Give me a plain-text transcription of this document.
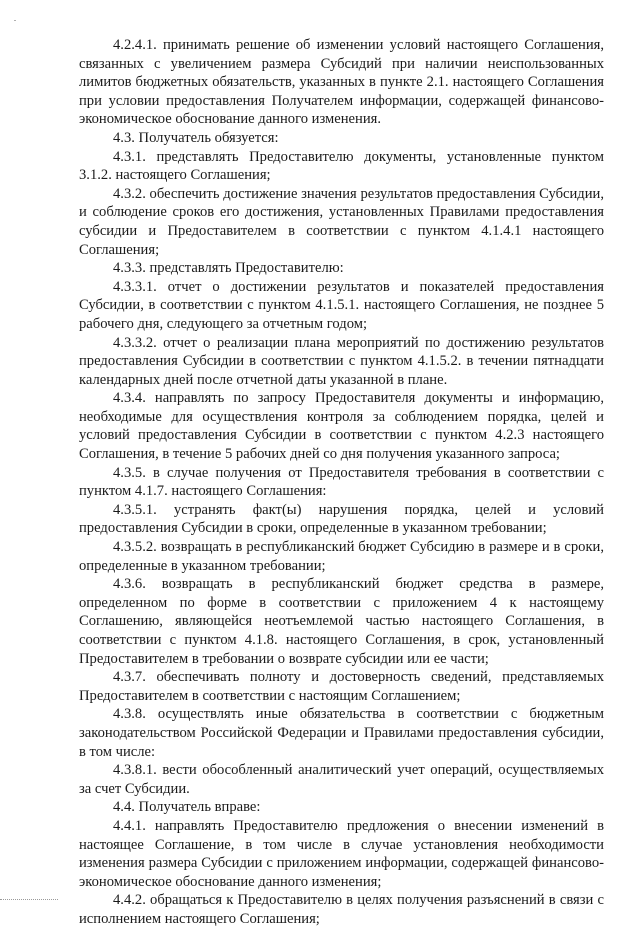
4.2.4.1. принимать решение об изменении условий настоящего Соглашения, связанных с увеличением размера Субсидий при наличии неиспользованных лимитов бюджетных обязательств, указанных в пункте 2.1. настоящего Соглашения при условии предоставления Получателем информации, содержащей финансово-экономическое обоснование данного изменения.

4.3. Получатель обязуется:

4.3.1. представлять Предоставителю документы, установленные пунктом 3.1.2. настоящего Соглашения;

4.3.2. обеспечить достижение значения результатов предоставления Субсидии, и соблюдение сроков его достижения, установленных Правилами предоставления субсидии и Предоставителем в соответствии с пунктом 4.1.4.1 настоящего Соглашения;

4.3.3. представлять Предоставителю:

4.3.3.1. отчет о достижении результатов и показателей предоставления Субсидии, в соответствии с пунктом 4.1.5.1. настоящего Соглашения, не позднее 5 рабочего дня, следующего за отчетным годом;

4.3.3.2. отчет о реализации плана мероприятий по достижению результатов предоставления Субсидии в соответствии с пунктом 4.1.5.2. в течении пятнадцати календарных дней после отчетной даты указанной в плане.

4.3.4. направлять по запросу Предоставителя документы и информацию, необходимые для осуществления контроля за соблюдением порядка, целей и условий предоставления Субсидии в соответствии с пунктом 4.2.3 настоящего Соглашения, в течение 5 рабочих дней со дня получения указанного запроса;

4.3.5. в случае получения от Предоставителя требования в соответствии с пунктом 4.1.7. настоящего Соглашения:

4.3.5.1. устранять факт(ы) нарушения порядка, целей и условий предоставления Субсидии в сроки, определенные в указанном требовании;

4.3.5.2. возвращать в республиканский бюджет Субсидию в размере и в сроки, определенные в указанном требовании;

4.3.6. возвращать в республиканский бюджет средства в размере, определенном по форме в соответствии с приложением 4 к настоящему Соглашению, являющейся неотъемлемой частью настоящего Соглашения, в соответствии с пунктом 4.1.8. настоящего Соглашения, в срок, установленный Предоставителем в требовании о возврате субсидии или ее части;

4.3.7. обеспечивать полноту и достоверность сведений, представляемых Предоставителем в соответствии с настоящим Соглашением;

4.3.8. осуществлять иные обязательства в соответствии с бюджетным законодательством Российской Федерации и Правилами предоставления субсидии, в том числе:

4.3.8.1. вести обособленный аналитический учет операций, осуществляемых за счет Субсидии.

4.4. Получатель вправе:

4.4.1. направлять Предоставителю предложения о внесении изменений в настоящее Соглашение, в том числе в случае установления необходимости изменения размера Субсидии с приложением информации, содержащей финансово-экономическое обоснование данного изменения;

4.4.2. обращаться к Предоставителю в целях получения разъяснений в связи с исполнением настоящего Соглашения;
